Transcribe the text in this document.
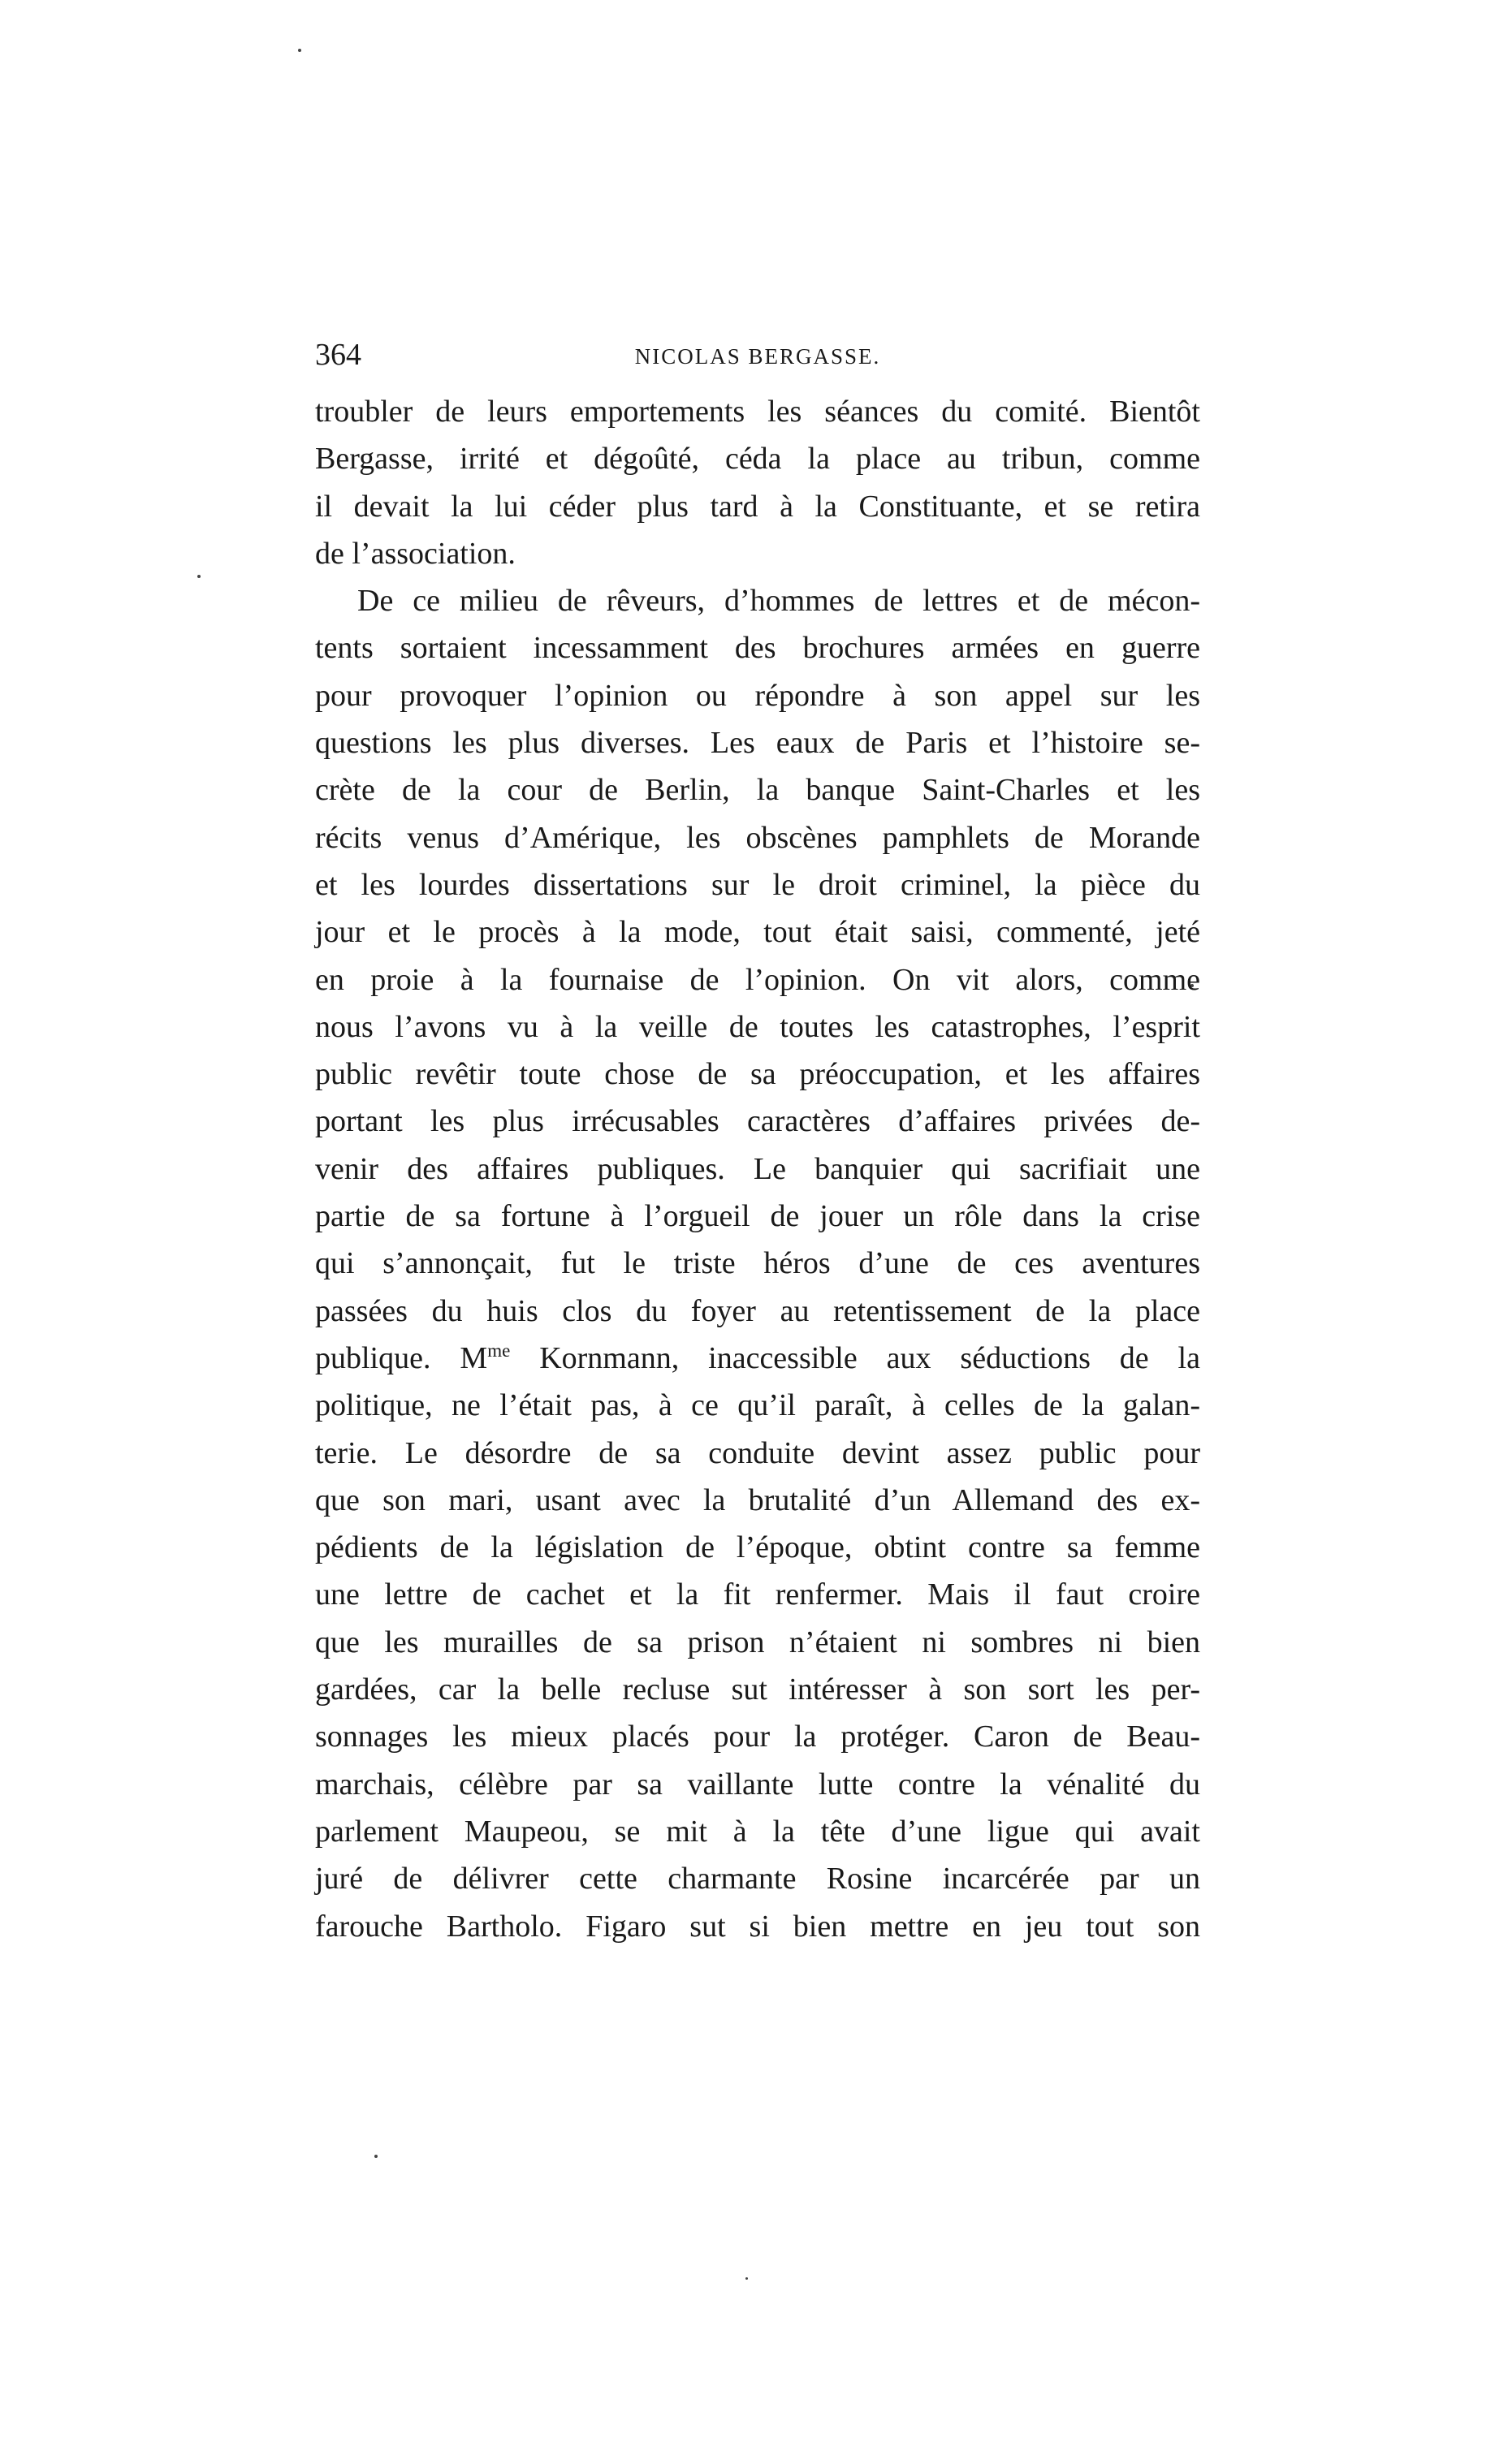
364	NICOLAS BERGASSE.
troubler de leurs emportements les séances du comité. Bientôt
Bergasse, irrité et dégoûté, céda la place au tribun, comme
il devait la lui céder plus tard à la Constituante, et se retira
de l’association.
De ce milieu de rêveurs, d’hommes de lettres et de mécon-
tents sortaient incessamment des brochures armées en guerre
pour provoquer l’opinion ou répondre à son appel sur les
questions les plus diverses. Les eaux de Paris et l’histoire se-
crète de la cour de Berlin, la banque Saint-Charles et les
récits venus d’Amérique, les obscènes pamphlets de Morande
et les lourdes dissertations sur le droit criminel, la pièce du
jour et le procès à la mode, tout était saisi, commenté, jeté
en proie à la fournaise de l’opinion. On vit alors, comme
nous l’avons vu à la veille de toutes les catastrophes, l’esprit
public revêtir toute chose de sa préoccupation, et les affaires
portant les plus irrécusables caractères d’affaires privées de-
venir des affaires publiques. Le banquier qui sacrifiait une
partie de sa fortune à l’orgueil de jouer un rôle dans la crise
qui s’annonçait, fut le triste héros d’une de ces aventures
passées du huis clos du foyer au retentissement de la place
publique. $M^{me}$ Kornmann, inaccessible aux séductions de la
politique, ne l’était pas, à ce qu’il paraît, à celles de la galan-
terie. Le désordre de sa conduite devint assez public pour
que son mari, usant avec la brutalité d’un Allemand des ex-
pédients de la législation de l’époque, obtint contre sa femme
une lettre de cachet et la fit renfermer. Mais il faut croire
que les murailles de sa prison n’étaient ni sombres ni bien
gardées, car la belle recluse sut intéresser à son sort les per-
sonnages les mieux placés pour la protéger. Caron de Beau-
marchais, célèbre par sa vaillante lutte contre la vénalité du
parlement Maupeou, se mit à la tête d’une ligue qui avait
juré de délivrer cette charmante Rosine incarcérée par un
farouche Bartholo. Figaro sut si bien mettre en jeu tout son
